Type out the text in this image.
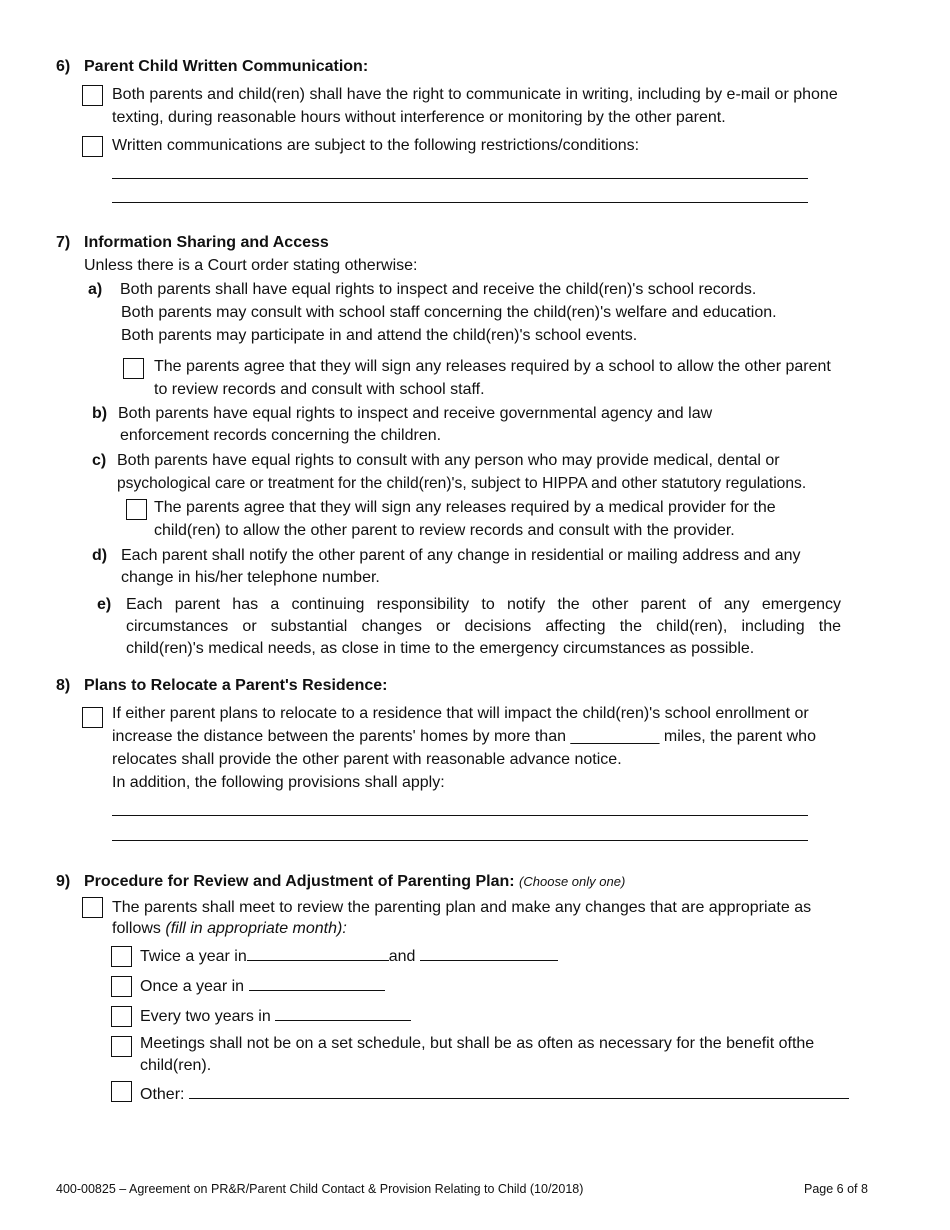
6) Parent Child Written Communication:
Both parents and child(ren) shall have the right to communicate in writing, including by e-mail or phone
texting, during reasonable hours without interference or monitoring by the other parent.
Written communications are subject to the following restrictions/conditions:
7) Information Sharing and Access
Unless there is a Court order stating otherwise:
a) Both parents shall have equal rights to inspect and receive the child(ren)'s school records.
Both parents may consult with school staff concerning the child(ren)'s welfare and education.
Both parents may participate in and attend the child(ren)'s school events.
The parents agree that they will sign any releases required by a school to allow the other parent
to review records and consult with school staff.
b) Both parents have equal rights to inspect and receive governmental agency and law
enforcement records concerning the children.
c) Both parents have equal rights to consult with any person who may provide medical, dental or
psychological care or treatment for the child(ren)'s, subject to HIPPA and other statutory regulations.
The parents agree that they will sign any releases required by a medical provider for the
child(ren) to allow the other parent to review records and consult with the provider.
d) Each parent shall notify the other parent of any change in residential or mailing address and any
change in his/her telephone number.
e) Each parent has a continuing responsibility to notify the other parent of any emergency
circumstances or substantial changes or decisions affecting the child(ren), including the
child(ren)'s medical needs, as close in time to the emergency circumstances as possible.
8) Plans to Relocate a Parent's Residence:
If either parent plans to relocate to a residence that will impact the child(ren)'s school enrollment or
increase the distance between the parents' homes by more than __________ miles, the parent who
relocates shall provide the other parent with reasonable advance notice.
In addition, the following provisions shall apply:
9) Procedure for Review and Adjustment of Parenting Plan: (Choose only one)
The parents shall meet to review the parenting plan and make any changes that are appropriate as
follows (fill in appropriate month):
Twice a year in	and
Once a year in
Every two years in
Meetings shall not be on a set schedule, but shall be as often as necessary for the benefit ofthe
child(ren).
Other:
400-00825 – Agreement on PR&R/Parent Child Contact & Provision Relating to Child (10/2018)	Page 6 of 8
